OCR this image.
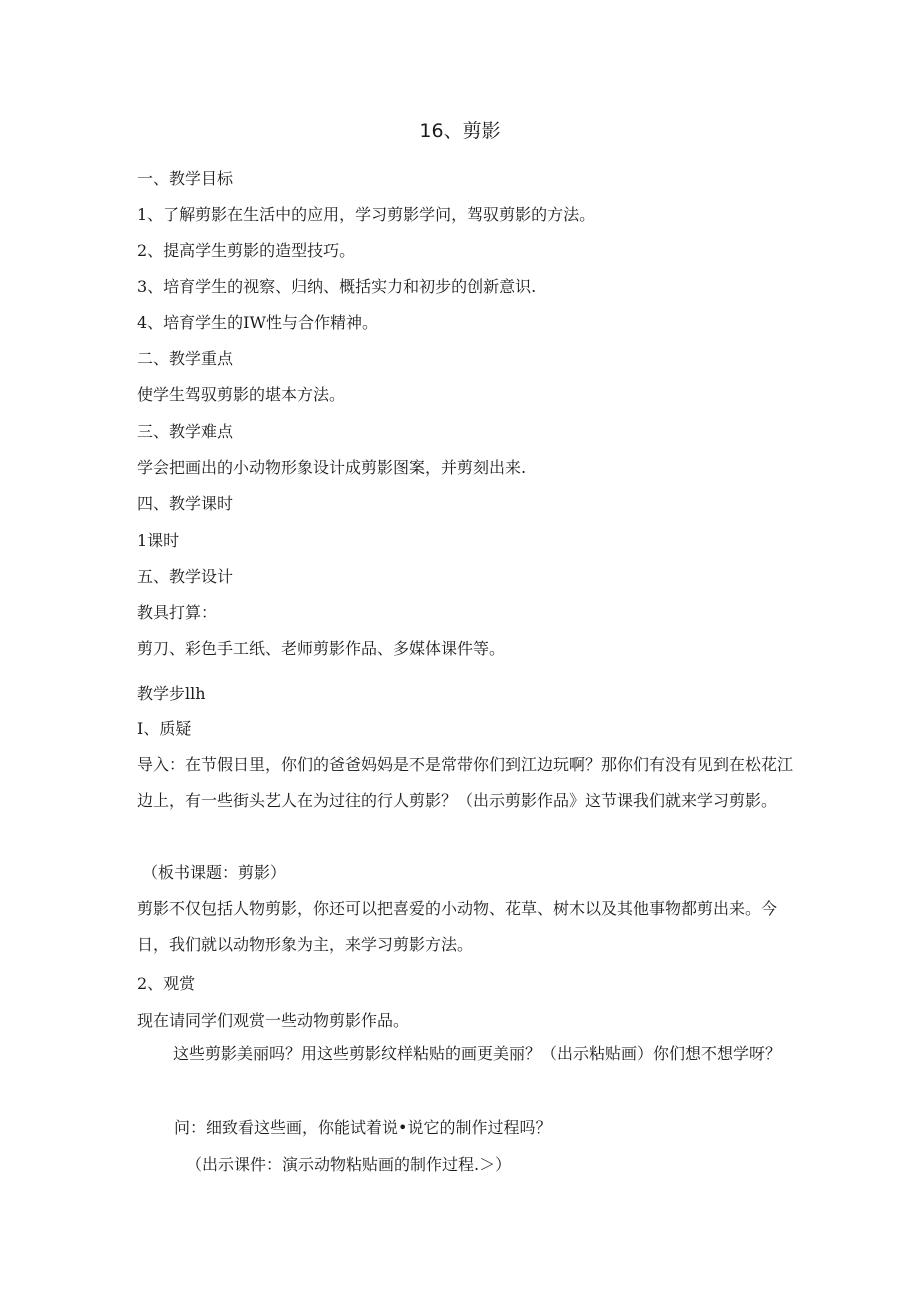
16、剪影
一、教学目标
1、了解剪影在生活中的应用，学习剪影学问，驾驭剪影的方法。
2、提高学生剪影的造型技巧。
3、培育学生的视察、归纳、概括实力和初步的创新意识.
4、培育学生的IW性与合作精神。
二、教学重点
使学生驾驭剪影的堪本方法。
三、教学难点
学会把画出的小动物形象设计成剪影图案，并剪刻出来.
四、教学课时
1课时
五、教学设计
教具打算：
剪刀、彩色手工纸、老师剪影作品、多媒体课件等。
教学步llh
I、质疑
导入：在节假日里，你们的爸爸妈妈是不是常带你们到江边玩啊？那你们有没有见到在松花江边上，有一些街头艺人在为过往的行人剪影？（出示剪影作品》这节课我们就来学习剪影。
（板书课题：剪影）
剪影不仅包括人物剪影，你还可以把喜爱的小动物、花草、树木以及其他事物都剪出来。今日，我们就以动物形象为主，来学习剪影方法。
2、观赏
现在请同学们观赏一些动物剪影作品。
这些剪影美丽吗？用这些剪影纹样粘贴的画更美丽？（出示粘贴画）你们想不想学呀？
问：细致看这些画，你能试着说•说它的制作过程吗？
（出示课件：演示动物粘贴画的制作过程.＞）
